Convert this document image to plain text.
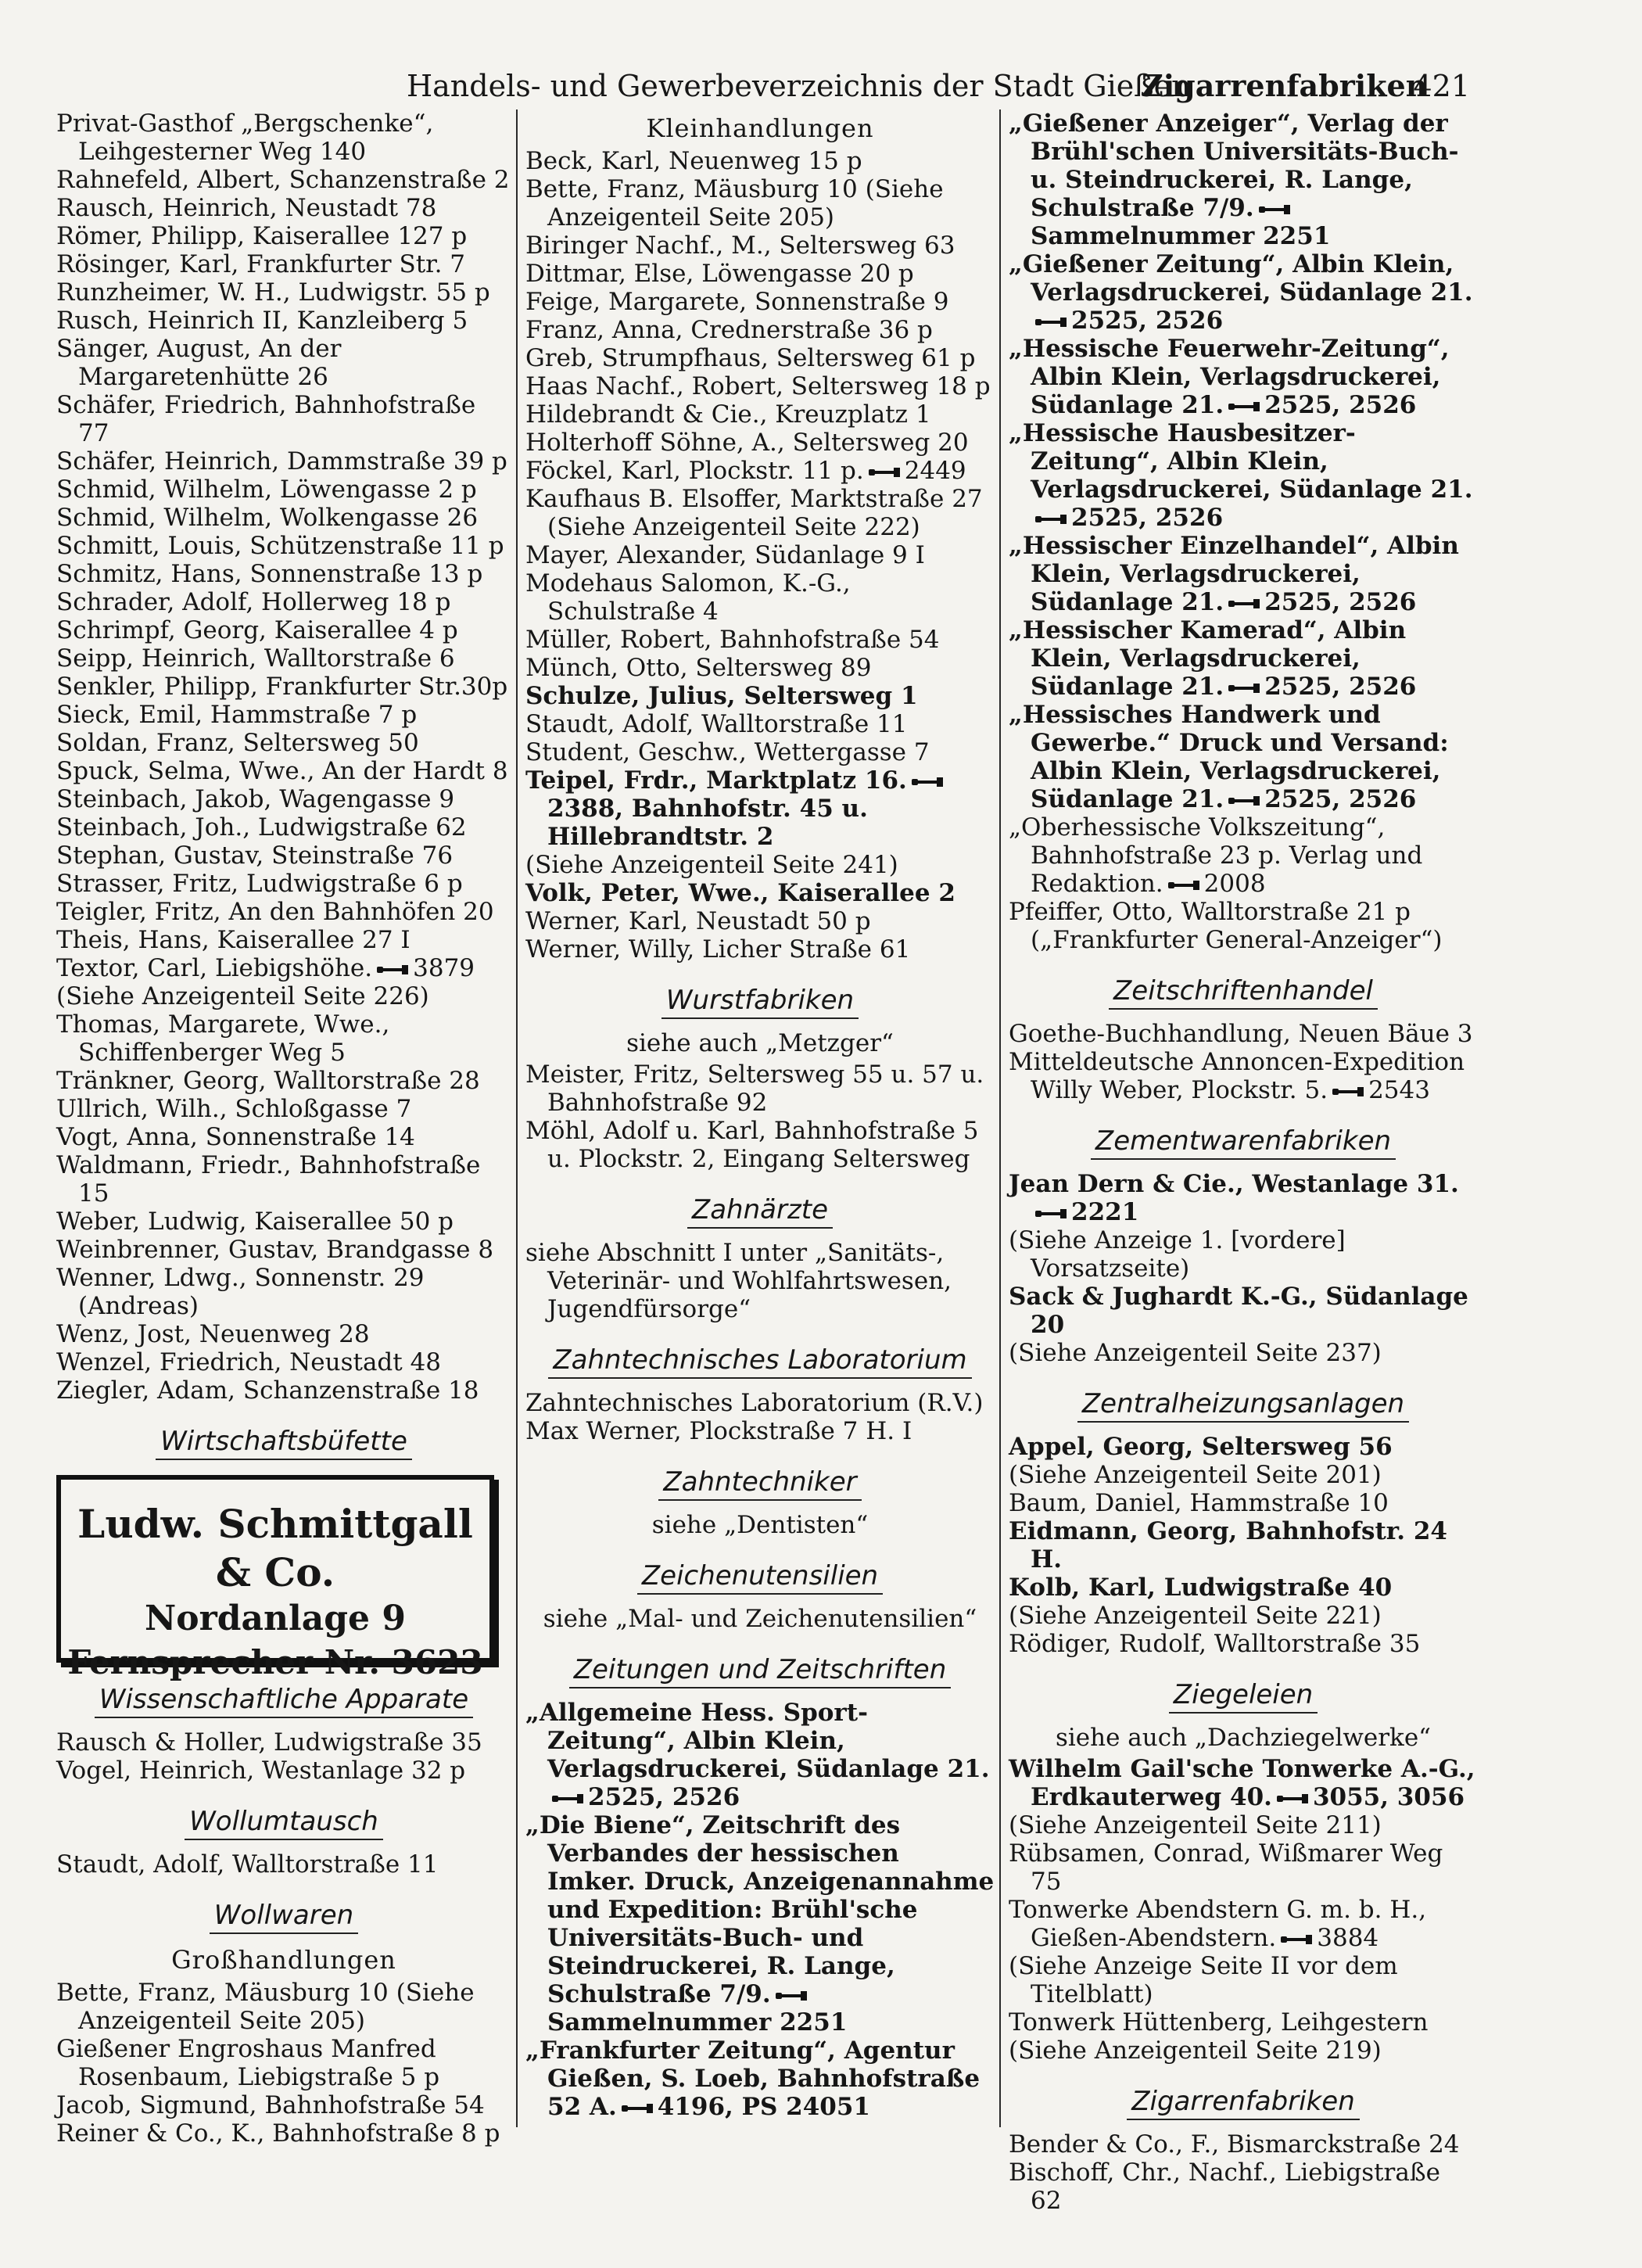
Handels- und Gewerbeverzeichnis der Stadt Gießen
Zigarrenfabriken
421

Privat-Gasthof „Bergschenke“, Leihgesterner Weg 140

Rahnefeld, Albert, Schanzenstraße 2

Rausch, Heinrich, Neustadt 78

Römer, Philipp, Kaiserallee 127 p

Rösinger, Karl, Frankfurter Str. 7

Runzheimer, W. H., Ludwigstr. 55 p

Rusch, Heinrich II, Kanzleiberg 5

Sänger, August, An der Margaretenhütte 26

Schäfer, Friedrich, Bahnhofstraße 77

Schäfer, Heinrich, Dammstraße 39 p

Schmid, Wilhelm, Löwengasse 2 p

Schmid, Wilhelm, Wolkengasse 26

Schmitt, Louis, Schützenstraße 11 p

Schmitz, Hans, Sonnenstraße 13 p

Schrader, Adolf, Hollerweg 18 p

Schrimpf, Georg, Kaiserallee 4 p

Seipp, Heinrich, Walltorstraße 6

Senkler, Philipp, Frankfurter Str.30p

Sieck, Emil, Hammstraße 7 p

Soldan, Franz, Seltersweg 50

Spuck, Selma, Wwe., An der Hardt 8

Steinbach, Jakob, Wagengasse 9

Steinbach, Joh., Ludwigstraße 62

Stephan, Gustav, Steinstraße 76

Strasser, Fritz, Ludwigstraße 6 p

Teigler, Fritz, An den Bahnhöfen 20

Theis, Hans, Kaiserallee 27 I

Textor, Carl, Liebigshöhe. 3879

(Siehe Anzeigenteil Seite 226)

Thomas, Margarete, Wwe., Schiffenberger Weg 5

Tränkner, Georg, Walltorstraße 28

Ullrich, Wilh., Schloßgasse 7

Vogt, Anna, Sonnenstraße 14

Waldmann, Friedr., Bahnhofstraße 15

Weber, Ludwig, Kaiserallee 50 p

Weinbrenner, Gustav, Brandgasse 8

Wenner, Ldwg., Sonnenstr. 29 (Andreas)

Wenz, Jost, Neuenweg 28

Wenzel, Friedrich, Neustadt 48

Ziegler, Adam, Schanzenstraße 18

Wirtschaftsbüfette
Ludw. Schmittgall & Co.
Nordanlage 9
Fernsprecher Nr. 3623
Wissenschaftliche Apparate

Rausch & Holler, Ludwigstraße 35

Vogel, Heinrich, Westanlage 32 p

Wollumtausch

Staudt, Adolf, Walltorstraße 11

Wollwaren
Großhandlungen

Bette, Franz, Mäusburg 10 (Siehe Anzeigenteil Seite 205)

Gießener Engroshaus Manfred Rosenbaum, Liebigstraße 5 p

Jacob, Sigmund, Bahnhofstraße 54

Reiner & Co., K., Bahnhofstraße 8 p

Kleinhandlungen

Beck, Karl, Neuenweg 15 p

Bette, Franz, Mäusburg 10 (Siehe Anzeigenteil Seite 205)

Biringer Nachf., M., Seltersweg 63

Dittmar, Else, Löwengasse 20 p

Feige, Margarete, Sonnenstraße 9

Franz, Anna, Crednerstraße 36 p

Greb, Strumpfhaus, Seltersweg 61 p

Haas Nachf., Robert, Seltersweg 18 p

Hildebrandt & Cie., Kreuzplatz 1

Holterhoff Söhne, A., Seltersweg 20

Föckel, Karl, Plockstr. 11 p. 2449

Kaufhaus B. Elsoffer, Marktstraße 27 (Siehe Anzeigenteil Seite 222)

Mayer, Alexander, Südanlage 9 I

Modehaus Salomon, K.-G., Schulstraße 4

Müller, Robert, Bahnhofstraße 54

Münch, Otto, Seltersweg 89

Schulze, Julius, Seltersweg 1

Staudt, Adolf, Walltorstraße 11

Student, Geschw., Wettergasse 7

Teipel, Frdr., Marktplatz 16.2388, Bahnhofstr. 45 u. Hillebrandtstr. 2

(Siehe Anzeigenteil Seite 241)

Volk, Peter, Wwe., Kaiserallee 2

Werner, Karl, Neustadt 50 p

Werner, Willy, Licher Straße 61

Wurstfabriken

siehe auch „Metzger“

Meister, Fritz, Seltersweg 55 u. 57 u. Bahnhofstraße 92

Möhl, Adolf u. Karl, Bahnhofstraße 5 u. Plockstr. 2, Eingang Seltersweg

Zahnärzte

siehe Abschnitt I unter „Sanitäts-, Veterinär- und Wohlfahrtswesen, Jugendfürsorge“

Zahntechnisches Laboratorium

Zahntechnisches Laboratorium (R.V.)

Max Werner, Plockstraße 7 H. I

Zahntechniker

siehe „Dentisten“

Zeichenutensilien

siehe „Mal- und Zeichenutensilien“

Zeitungen und Zeitschriften

„Allgemeine Hess. Sport-Zeitung“, Albin Klein, Verlagsdruckerei, Südanlage 21.2525, 2526

„Die Biene“, Zeitschrift des Verbandes der hessischen Imker. Druck, Anzeigenannahme und Expedition: Brühl'sche Universitäts-Buch- und Steindruckerei, R. Lange, Schulstraße 7/9.Sammelnummer 2251

„Frankfurter Zeitung“, Agentur Gießen, S. Loeb, Bahnhofstraße 52 A. 4196, PS 24051

„Gießener Anzeiger“, Verlag der Brühl'schen Universitäts-Buch- u. Steindruckerei, R. Lange, Schulstraße 7/9.Sammelnummer 2251

„Gießener Zeitung“, Albin Klein, Verlagsdruckerei, Südanlage 21.2525, 2526

„Hessische Feuerwehr-Zeitung“, Albin Klein, Verlagsdruckerei, Südanlage 21. 2525, 2526

„Hessische Hausbesitzer-Zeitung“, Albin Klein, Verlagsdruckerei, Südanlage 21.2525, 2526

„Hessischer Einzelhandel“, Albin Klein, Verlagsdruckerei, Südanlage 21. 2525, 2526

„Hessischer Kamerad“, Albin Klein, Verlagsdruckerei, Südanlage 21. 2525, 2526

„Hessisches Handwerk und Gewerbe.“ Druck und Versand: Albin Klein, Verlagsdruckerei, Südanlage 21. 2525, 2526

„Oberhessische Volkszeitung“, Bahnhofstraße 23 p. Verlag und Redaktion. 2008

Pfeiffer, Otto, Walltorstraße 21 p („Frankfurter General-Anzeiger“)

Zeitschriftenhandel

Goethe-Buchhandlung, Neuen Bäue 3

Mitteldeutsche Annoncen-Expedition Willy Weber, Plockstr. 5. 2543

Zementwarenfabriken

Jean Dern & Cie., Westanlage 31.2221

(Siehe Anzeige 1. [vordere] Vorsatzseite)

Sack & Jughardt K.-G., Südanlage 20

(Siehe Anzeigenteil Seite 237)

Zentralheizungsanlagen

Appel, Georg, Seltersweg 56

(Siehe Anzeigenteil Seite 201)

Baum, Daniel, Hammstraße 10

Eidmann, Georg, Bahnhofstr. 24 H.

Kolb, Karl, Ludwigstraße 40

(Siehe Anzeigenteil Seite 221)

Rödiger, Rudolf, Walltorstraße 35

Ziegeleien

siehe auch „Dachziegelwerke“

Wilhelm Gail'sche Tonwerke A.-G., Erdkauterweg 40. 3055, 3056

(Siehe Anzeigenteil Seite 211)

Rübsamen, Conrad, Wißmarer Weg 75

Tonwerke Abendstern G. m. b. H., Gießen-Abendstern. 3884

(Siehe Anzeige Seite II vor dem Titelblatt)

Tonwerk Hüttenberg, Leihgestern

(Siehe Anzeigenteil Seite 219)

Zigarrenfabriken

Bender & Co., F., Bismarckstraße 24

Bischoff, Chr., Nachf., Liebigstraße 62
